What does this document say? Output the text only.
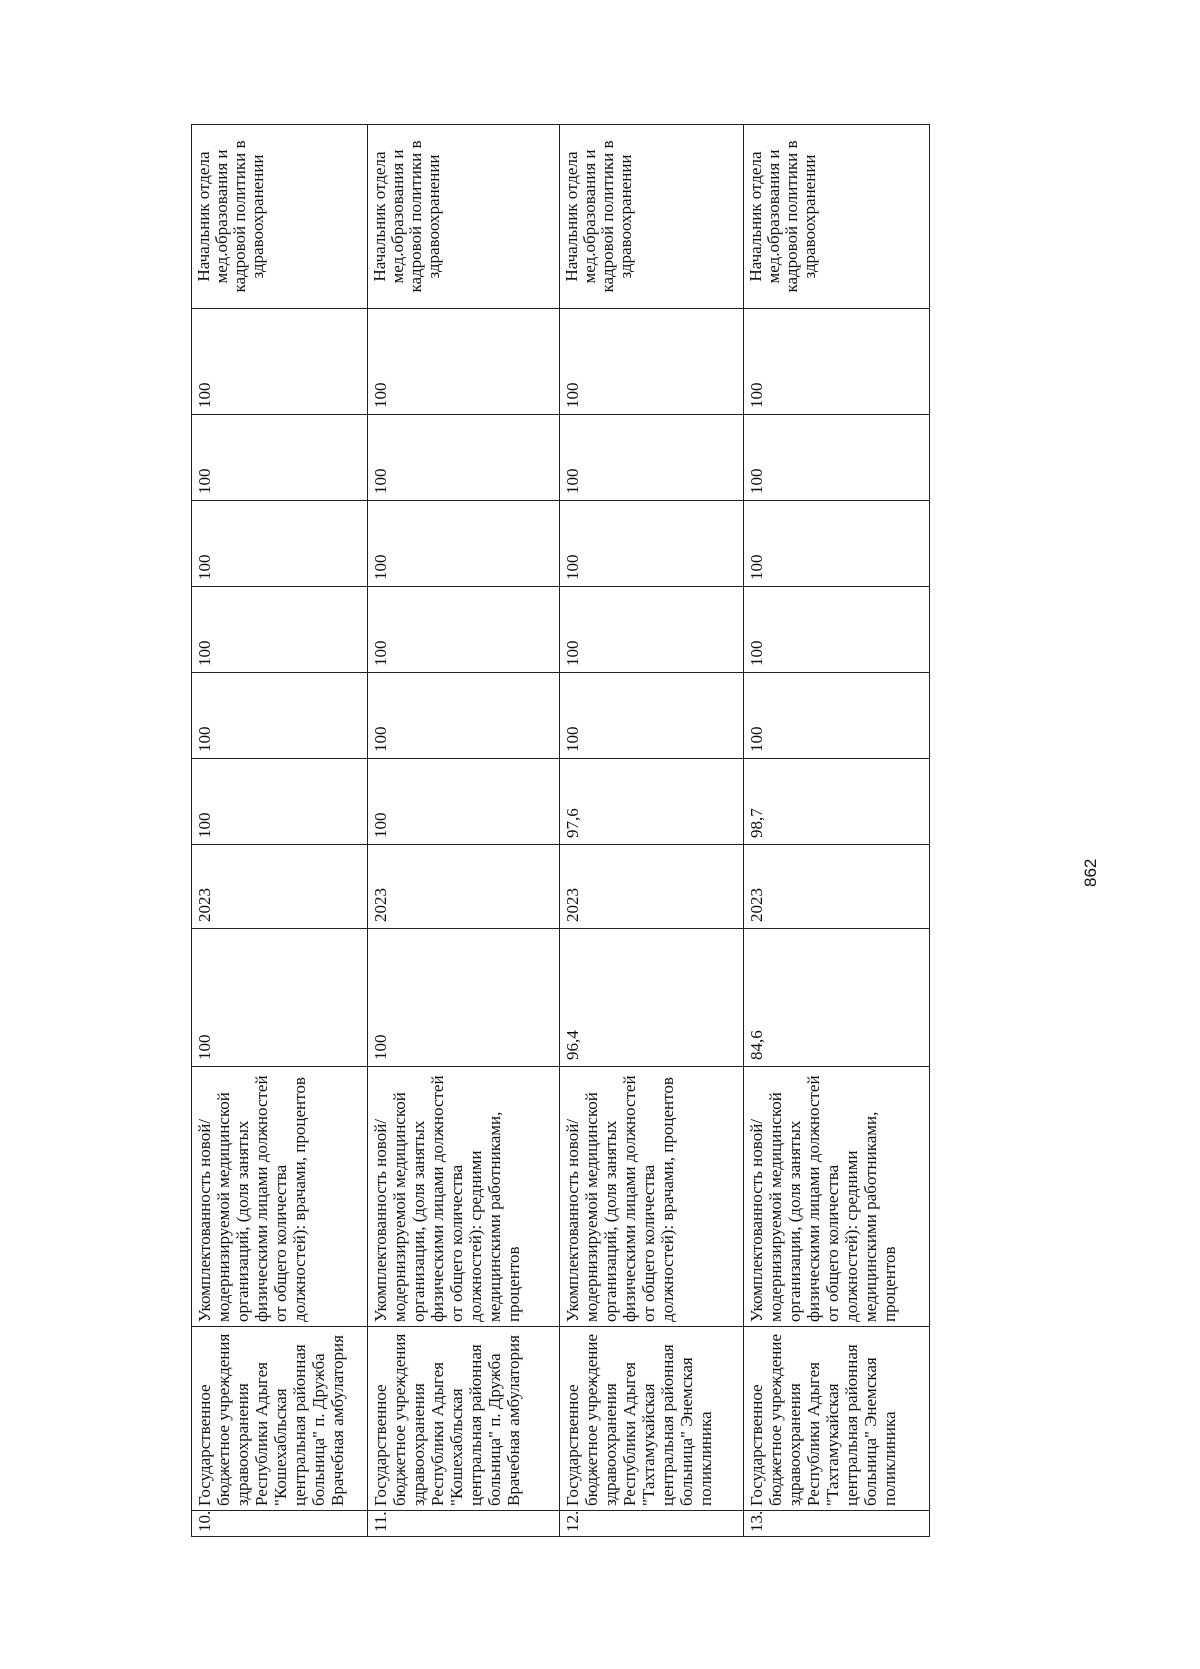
10.	Государственное бюджетное учреждения здравоохранения Республики Адыгея "Кошехабльская центральная районная больница" п. Дружба Врачебная амбулатория	Укомплектованность новой/модернизируемой медицинской организаций, (доля занятых физическими лицами должностей от общего количества должностей): врачами, процентов	100	2023	100	100	100	100	100	100	Начальник отдела мед.образования и кадровой политики в здравоохранении
11.	Государственное бюджетное учреждения здравоохранения Республики Адыгея "Кошехабльская центральная районная больница" п. Дружба Врачебная амбулатория	Укомплектованность новой/модернизируемой медицинской организации, (доля занятых физическими лицами должностей от общего количества должностей): средними медицинскими работниками, процентов	100	2023	100	100	100	100	100	100	Начальник отдела мед.образования и кадровой политики в здравоохранении
12.	Государственное бюджетное учреждение здравоохранения Республики Адыгея "Тахтамукайская центральная районная больница" Энемская поликлиника	Укомплектованность новой/модернизируемой медицинской организаций, (доля занятых физическими лицами должностей от общего количества должностей): врачами, процентов	96,4	2023	97,6	100	100	100	100	100	Начальник отдела мед.образования и кадровой политики в здравоохранении
13.	Государственное бюджетное учреждение здравоохранения Республики Адыгея "Тахтамукайская центральная районная больница" Энемская поликлиника	Укомплектованность новой/модернизируемой медицинской организации, (доля занятых физическими лицами должностей от общего количества должностей): средними медицинскими работниками, процентов	84,6	2023	98,7	100	100	100	100	100	Начальник отдела мед.образования и кадровой политики в здравоохранении
862
